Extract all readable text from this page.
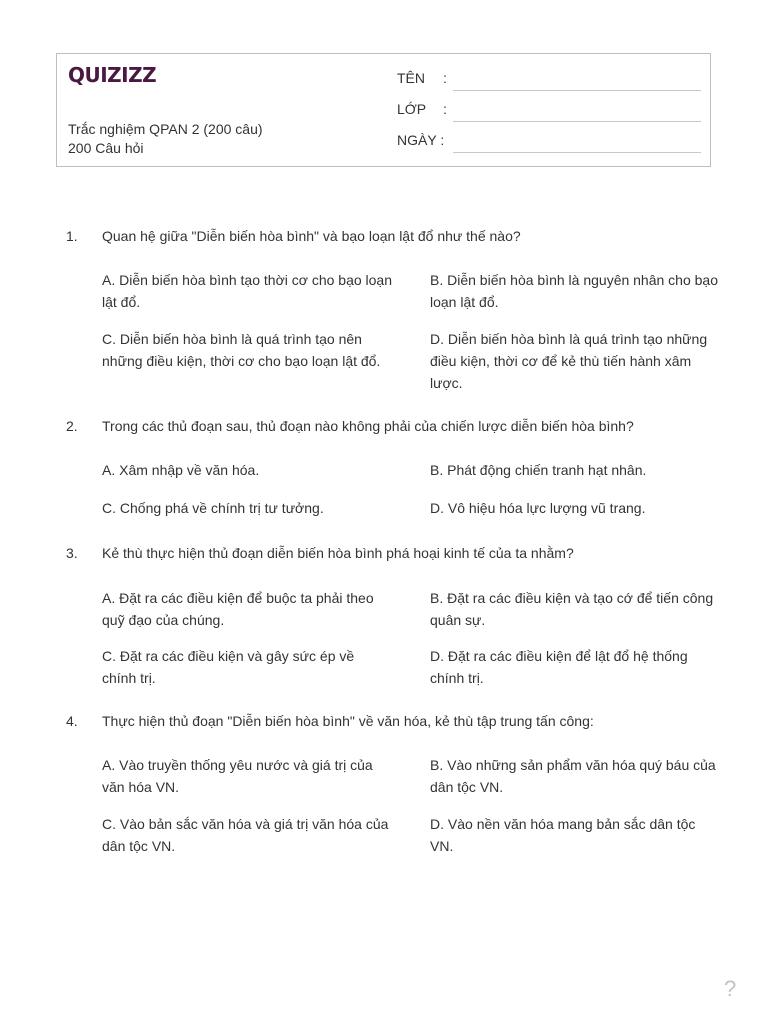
QUIZIZZ
Trắc nghiệm QPAN 2 (200 câu)
200 Câu hỏi
TÊN :
LỚP :
NGÀY :
1. Quan hệ giữa "Diễn biến hòa bình" và bạo loạn lật đổ như thế nào?
A. Diễn biến hòa bình tạo thời cơ cho bạo loạn lật đổ.
B. Diễn biến hòa bình là nguyên nhân cho bạo loạn lật đổ.
C. Diễn biến hòa bình là quá trình tạo nên những điều kiện, thời cơ cho bạo loạn lật đổ.
D. Diễn biến hòa bình là quá trình tạo những điều kiện, thời cơ để kẻ thù tiến hành xâm lược.
2. Trong các thủ đoạn sau, thủ đoạn nào không phải của chiến lược diễn biến hòa bình?
A. Xâm nhập về văn hóa.	B. Phát động chiến tranh hạt nhân.
C. Chống phá về chính trị tư tưởng.	D. Vô hiệu hóa lực lượng vũ trang.
3. Kẻ thù thực hiện thủ đoạn diễn biến hòa bình phá hoại kinh tế của ta nhằm?
A. Đặt ra các điều kiện để buộc ta phải theo quỹ đạo của chúng.
B. Đặt ra các điều kiện và tạo cớ để tiến công quân sự.
C. Đặt ra các điều kiện và gây sức ép về chính trị.
D. Đặt ra các điều kiện để lật đổ hệ thống chính trị.
4. Thực hiện thủ đoạn "Diễn biến hòa bình" về văn hóa, kẻ thù tập trung tấn công:
A. Vào truyền thống yêu nước và giá trị của văn hóa VN.
B. Vào những sản phẩm văn hóa quý báu của dân tộc VN.
C. Vào bản sắc văn hóa và giá trị văn hóa của dân tộc VN.
D. Vào nền văn hóa mang bản sắc dân tộc VN.
?
